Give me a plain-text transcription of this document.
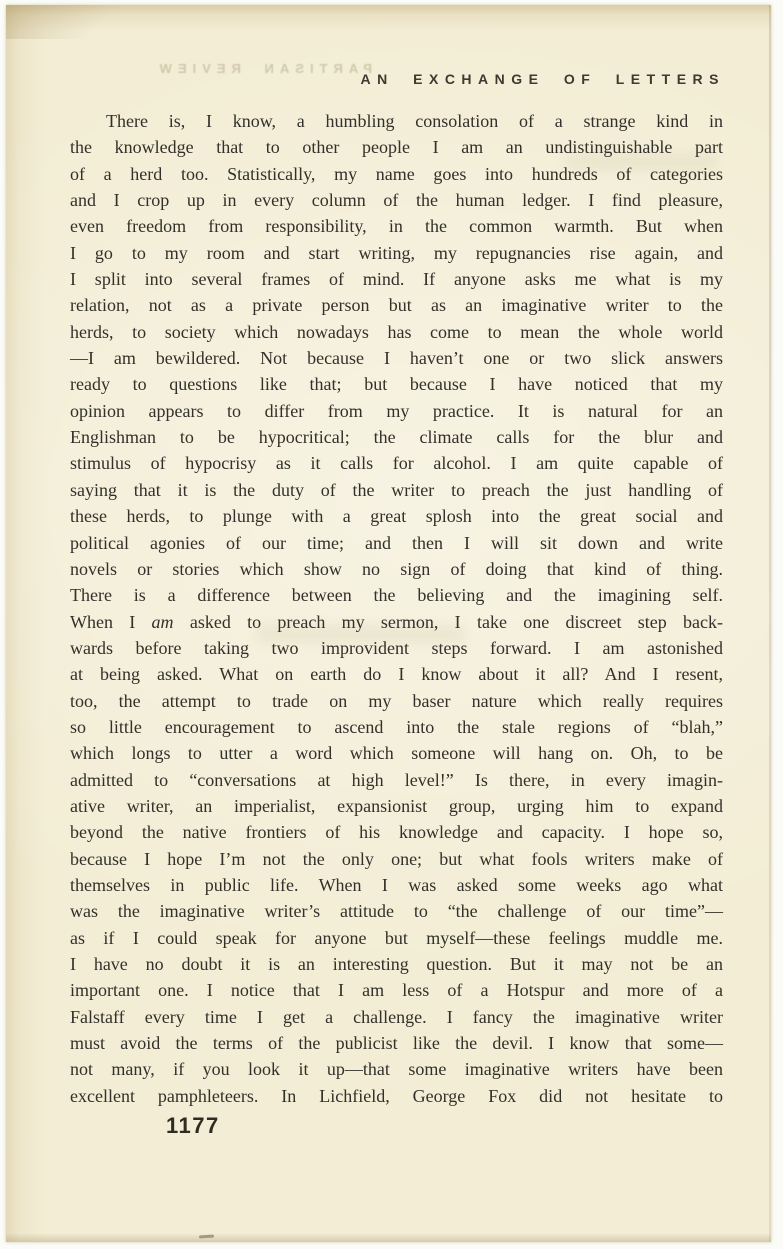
PARTISAN REVIEW
AN EXCHANGE OF LETTERS
There is, I know, a humbling consolation of a strange kind in
the knowledge that to other people I am an undistinguishable part
of a herd too. Statistically, my name goes into hundreds of categories
and I crop up in every column of the human ledger. I find pleasure,
even freedom from responsibility, in the common warmth. But when
I go to my room and start writing, my repugnancies rise again, and
I split into several frames of mind. If anyone asks me what is my
relation, not as a private person but as an imaginative writer to the
herds, to society which nowadays has come to mean the whole world
—I am bewildered. Not because I haven’t one or two slick answers
ready to questions like that; but because I have noticed that my
opinion appears to differ from my practice. It is natural for an
Englishman to be hypocritical; the climate calls for the blur and
stimulus of hypocrisy as it calls for alcohol. I am quite capable of
saying that it is the duty of the writer to preach the just handling of
these herds, to plunge with a great splosh into the great social and
political agonies of our time; and then I will sit down and write
novels or stories which show no sign of doing that kind of thing.
There is a difference between the believing and the imagining self.
When I am asked to preach my sermon, I take one discreet step back-
wards before taking two improvident steps forward. I am astonished
at being asked. What on earth do I know about it all? And I resent,
too, the attempt to trade on my baser nature which really requires
so little encouragement to ascend into the stale regions of “blah,”
which longs to utter a word which someone will hang on. Oh, to be
admitted to “conversations at high level!” Is there, in every imagin-
ative writer, an imperialist, expansionist group, urging him to expand
beyond the native frontiers of his knowledge and capacity. I hope so,
because I hope I’m not the only one; but what fools writers make of
themselves in public life. When I was asked some weeks ago what
was the imaginative writer’s attitude to “the challenge of our time”—
as if I could speak for anyone but myself—these feelings muddle me.
I have no doubt it is an interesting question. But it may not be an
important one. I notice that I am less of a Hotspur and more of a
Falstaff every time I get a challenge. I fancy the imaginative writer
must avoid the terms of the publicist like the devil. I know that some—
not many, if you look it up—that some imaginative writers have been
excellent pamphleteers. In Lichfield, George Fox did not hesitate to
1177
